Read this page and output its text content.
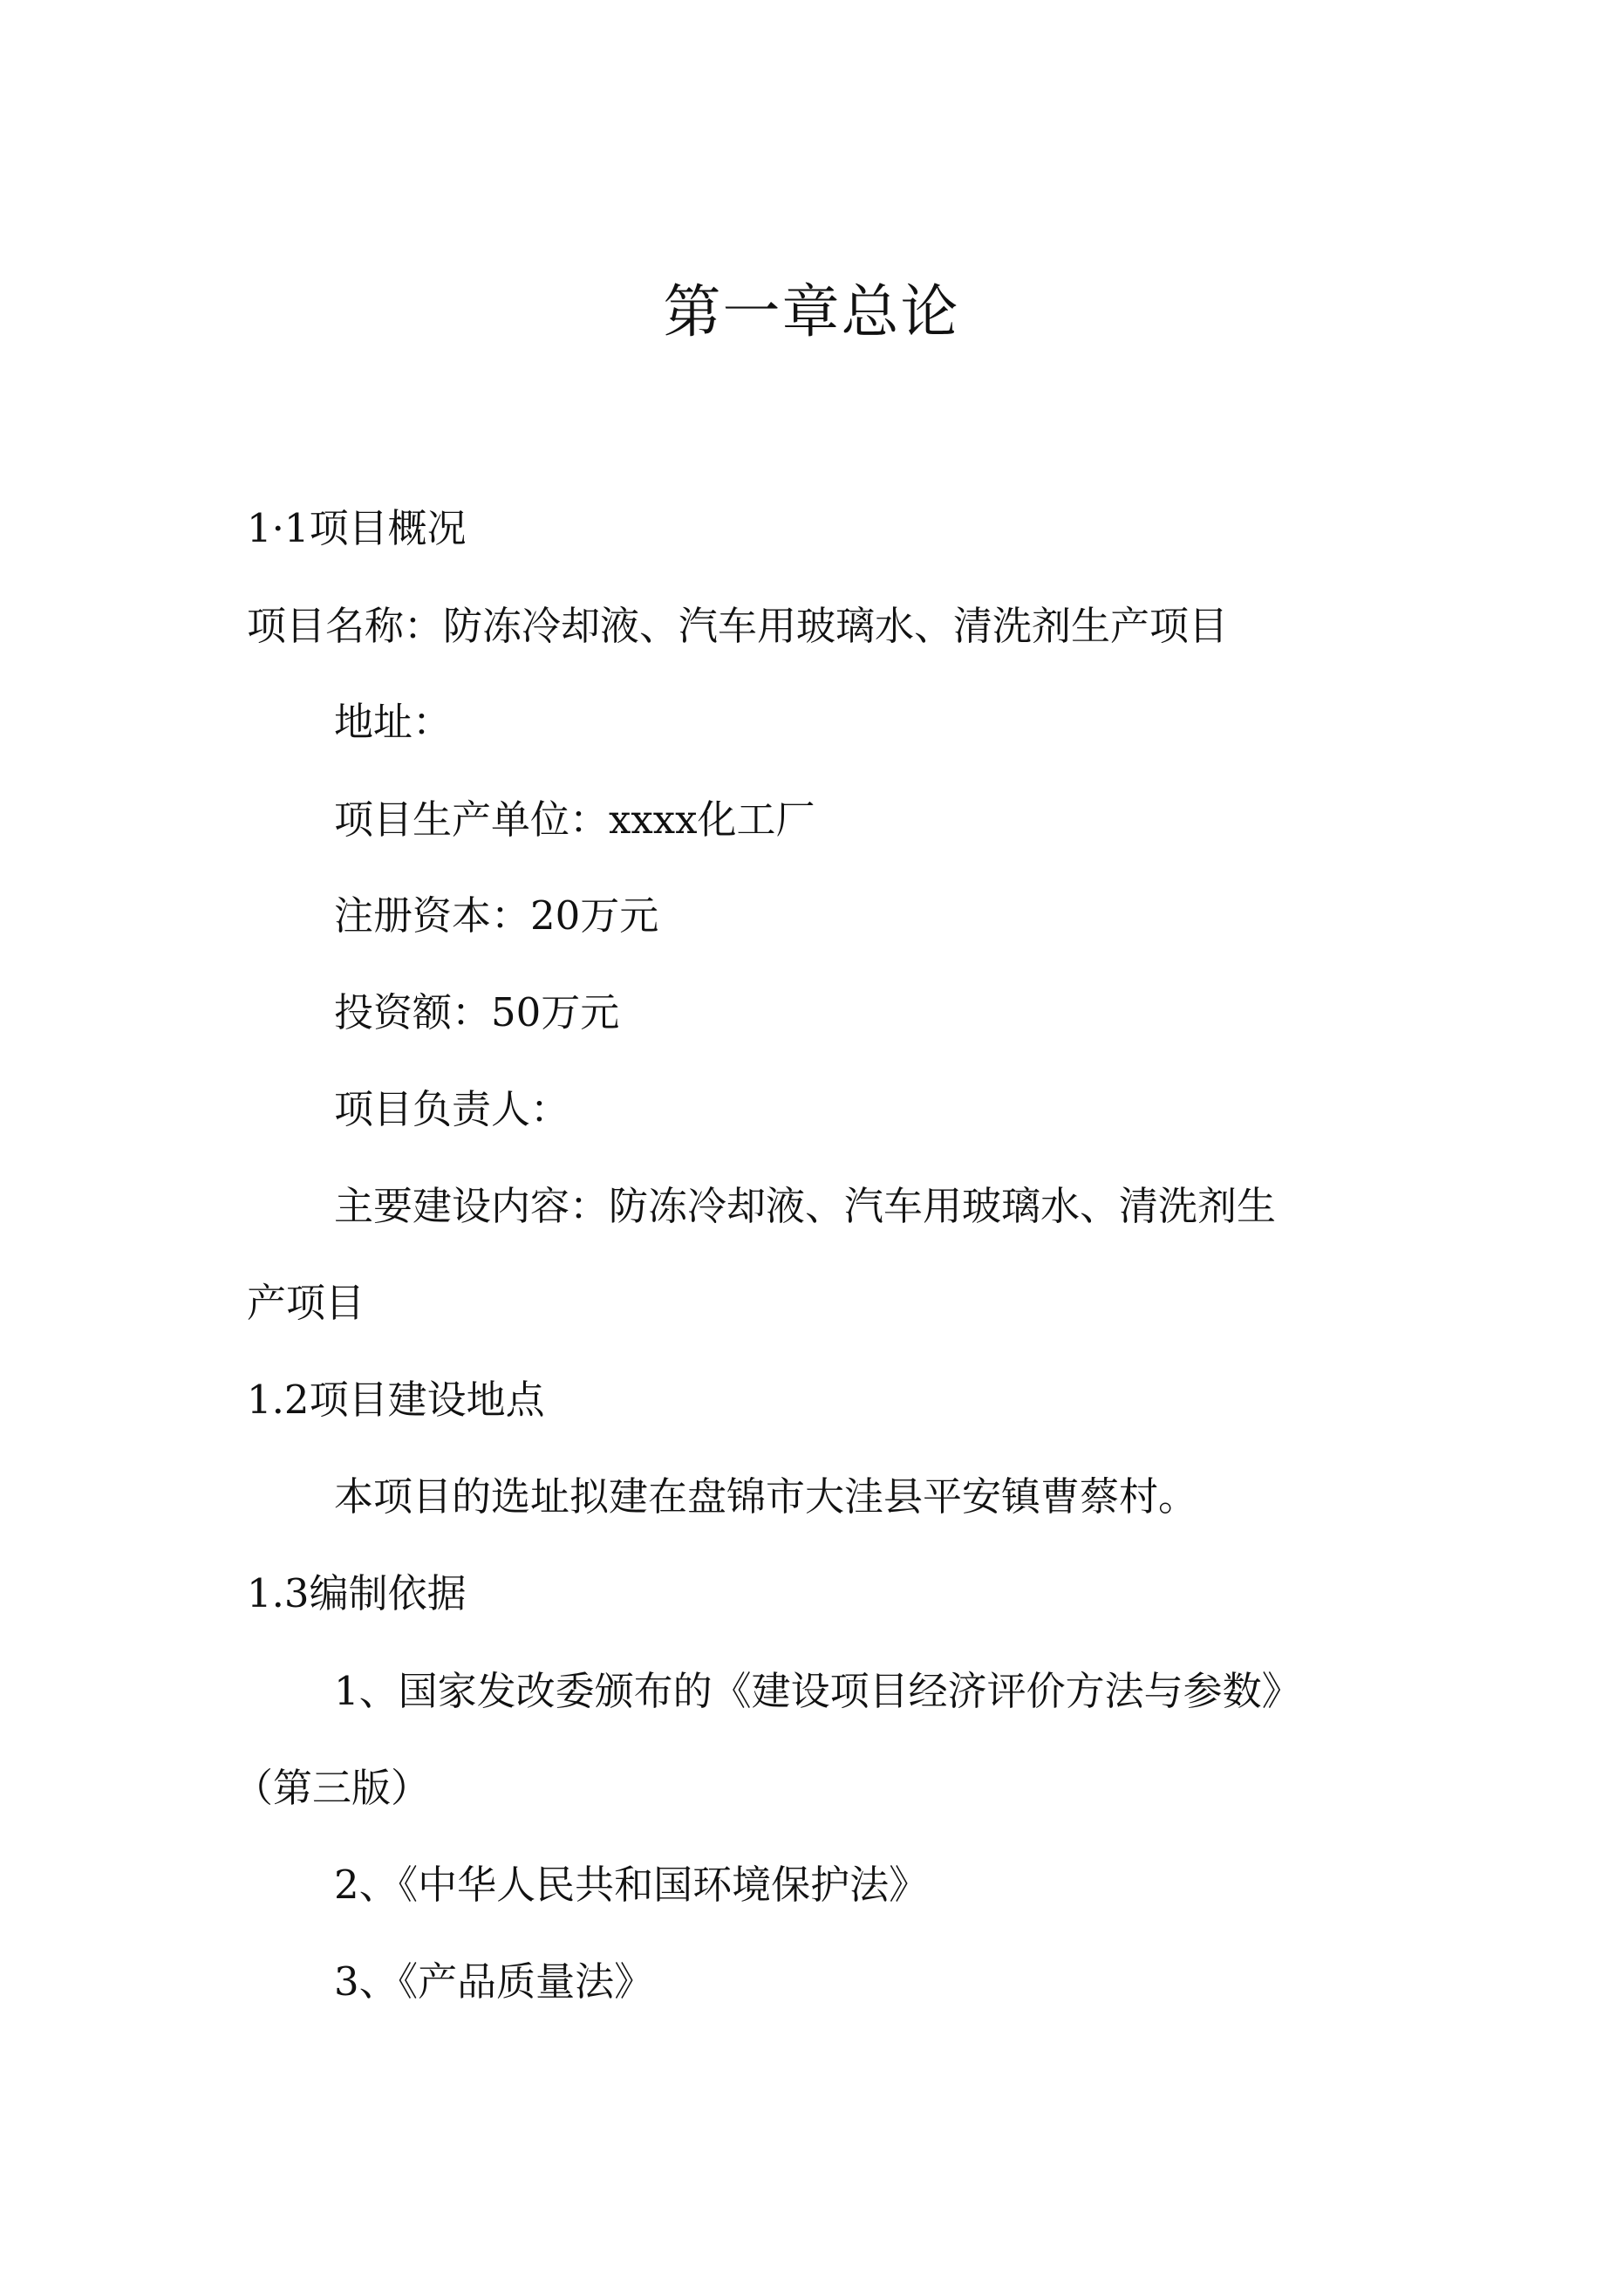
第一章总论
1·1项目概况
项目名称：防冻冷却液、汽车用玻璃水、清洗剂生产项目
地址：
项目生产单位：xxxx化工厂
注册资本：20万元
投资额：50万元
项目负责人：
主要建设内容：防冻冷却液、汽车用玻璃水、清洗剂生
产项目
1.2项目建设地点
本项目的选址拟建在盘锦市大洼县平安镇曹蔡村。
1.3编制依据
1、国家发改委颁布的《建设项目经济评价方法与参数》
（第三版）
2、《中华人民共和国环境保护法》
3、《产品质量法》
